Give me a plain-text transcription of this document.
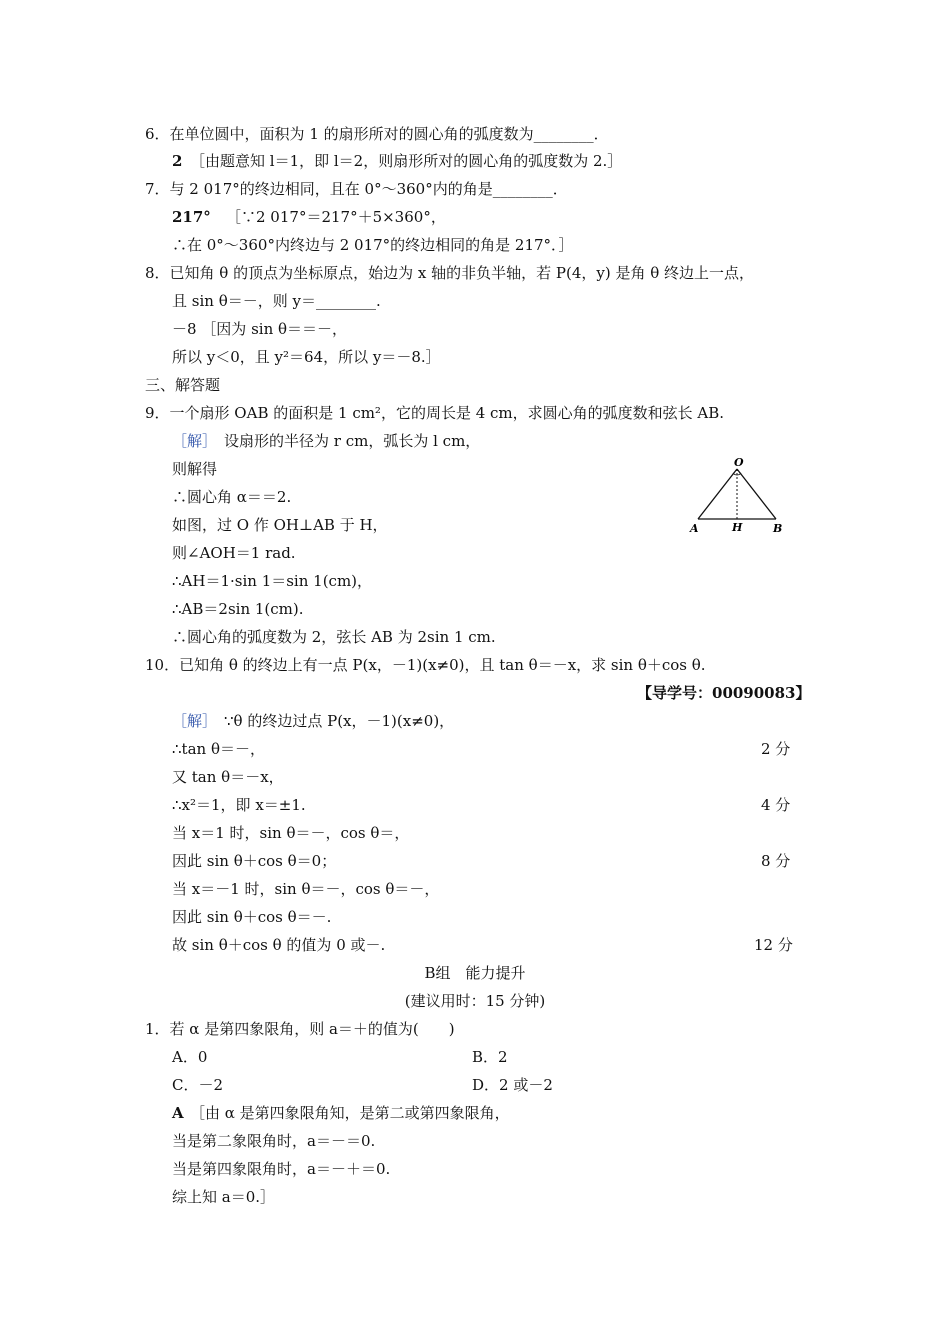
6．在单位圆中，面积为 1 的扇形所对的圆心角的弧度数为________．
2 ［由题意知 l＝1，即 l＝2，则扇形所对的圆心角的弧度数为 2.］
7．与 2 017°的终边相同，且在 0°～360°内的角是________．
217° ［∵2 017°＝217°＋5×360°，
∴在 0°～360°内终边与 2 017°的终边相同的角是 217°．］
8．已知角 θ 的顶点为坐标原点，始边为 x 轴的非负半轴，若 P(4，y) 是角 θ 终边上一点，
且 sin θ＝－，则 y＝________.
－8 ［因为 sin θ＝＝－，
所以 y＜0，且 y²＝64，所以 y＝－8.］
三、解答题
9．一个扇形 OAB 的面积是 1 cm²，它的周长是 4 cm，求圆心角的弧度数和弦长 AB.
［解］ 设扇形的半径为 r cm，弧长为 l cm，
则解得
∴圆心角 α＝＝2.
如图，过 O 作 OH⊥AB 于 H，
则∠AOH＝1 rad.
∴AH＝1·sin 1＝sin 1(cm)，
∴AB＝2sin 1(cm).
∴圆心角的弧度数为 2，弦长 AB 为 2sin 1 cm.
O
A	H	B
10．已知角 θ 的终边上有一点 P(x，－1)(x≠0)，且 tan θ＝－x，求 sin θ＋cos θ.
【导学号：00090083】
［解］ ∵θ 的终边过点 P(x，－1)(x≠0)，
∴tan θ＝－，	2 分
又 tan θ＝－x，
∴x²＝1，即 x＝±1.	4 分
当 x＝1 时，sin θ＝－，cos θ＝，
因此 sin θ＋cos θ＝0；	8 分
当 x＝－1 时，sin θ＝－，cos θ＝－，
因此 sin θ＋cos θ＝－.
故 sin θ＋cos θ 的值为 0 或－.	12 分
B组　能力提升
(建议用时：15 分钟)
1．若 α 是第四象限角，则 a＝＋的值为(　　)
A．0	B．2
C．－2	D．2 或－2
A ［由 α 是第四象限角知，是第二或第四象限角，
当是第二象限角时，a＝－＝0.
当是第四象限角时，a＝－＋＝0.
综上知 a＝0.］
